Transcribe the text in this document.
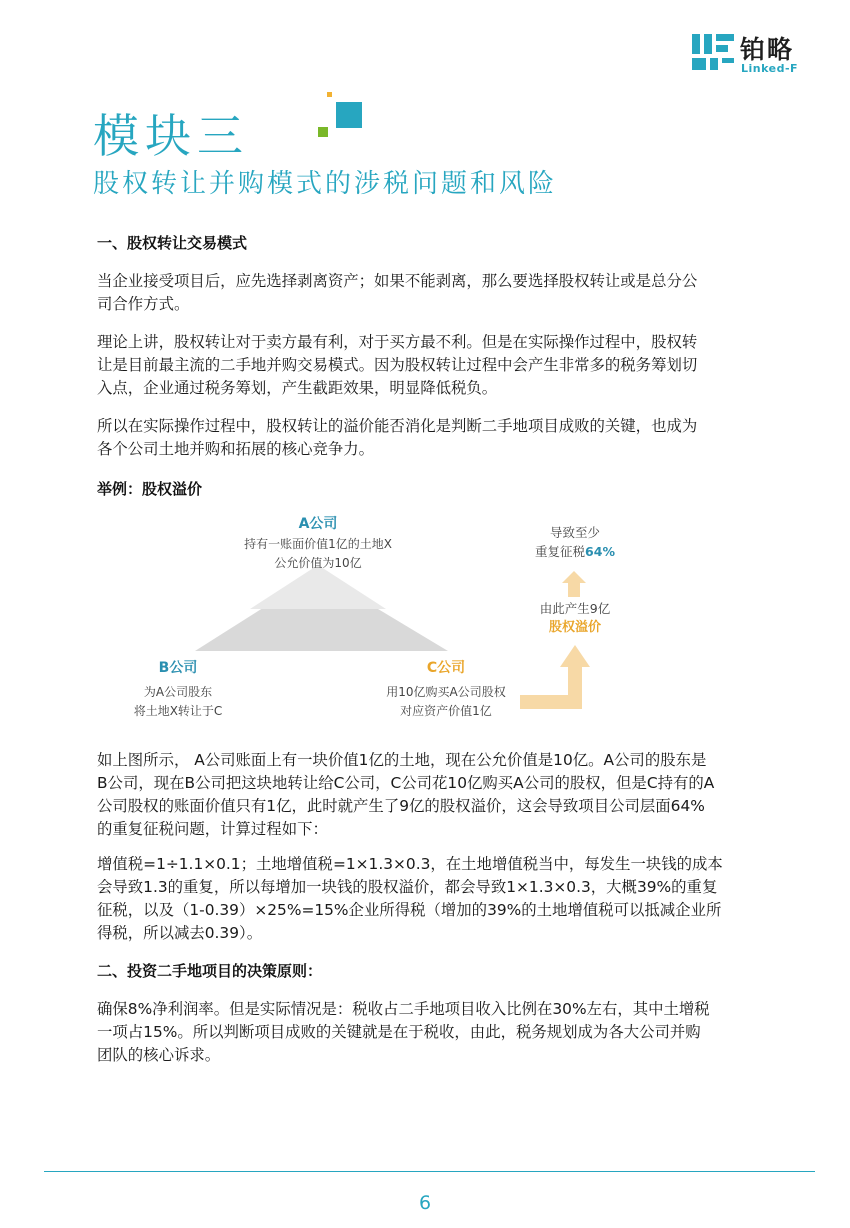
铂略
Linked-F
模块三
股权转让并购模式的涉税问题和风险
一、股权转让交易模式
当企业接受项目后，应先选择剥离资产；如果不能剥离，那么要选择股权转让或是总分公
司合作方式。
理论上讲，股权转让对于卖方最有利，对于买方最不利。但是在实际操作过程中，股权转
让是目前最主流的二手地并购交易模式。因为股权转让过程中会产生非常多的税务筹划切
入点，企业通过税务筹划，产生截距效果，明显降低税负。
所以在实际操作过程中，股权转让的溢价能否消化是判断二手地项目成败的关键，也成为
各个公司土地并购和拓展的核心竞争力。
举例：股权溢价
A公司
持有一账面价值1亿的土地X
公允价值为10亿
B公司
为A公司股东
将土地X转让于C
C公司
用10亿购买A公司股权
对应资产价值1亿
由此产生9亿
股权溢价
导致至少
重复征税64%
如上图所示， A公司账面上有一块价值1亿的土地，现在公允价值是10亿。A公司的股东是
B公司，现在B公司把这块地转让给C公司，C公司花10亿购买A公司的股权，但是C持有的A
公司股权的账面价值只有1亿，此时就产生了9亿的股权溢价，这会导致项目公司层面64%
的重复征税问题，计算过程如下：
增值税=1÷1.1×0.1；土地增值税=1×1.3×0.3，在土地增值税当中，每发生一块钱的成本
会导致1.3的重复，所以每增加一块钱的股权溢价，都会导致1×1.3×0.3，大概39%的重复
征税，以及（1-0.39）×25%=15%企业所得税（增加的39%的土地增值税可以抵减企业所
得税，所以减去0.39）。
二、投资二手地项目的决策原则：
确保8%净利润率。但是实际情况是：税收占二手地项目收入比例在30%左右，其中土增税
一项占15%。所以判断项目成败的关键就是在于税收，由此，税务规划成为各大公司并购
团队的核心诉求。
6
